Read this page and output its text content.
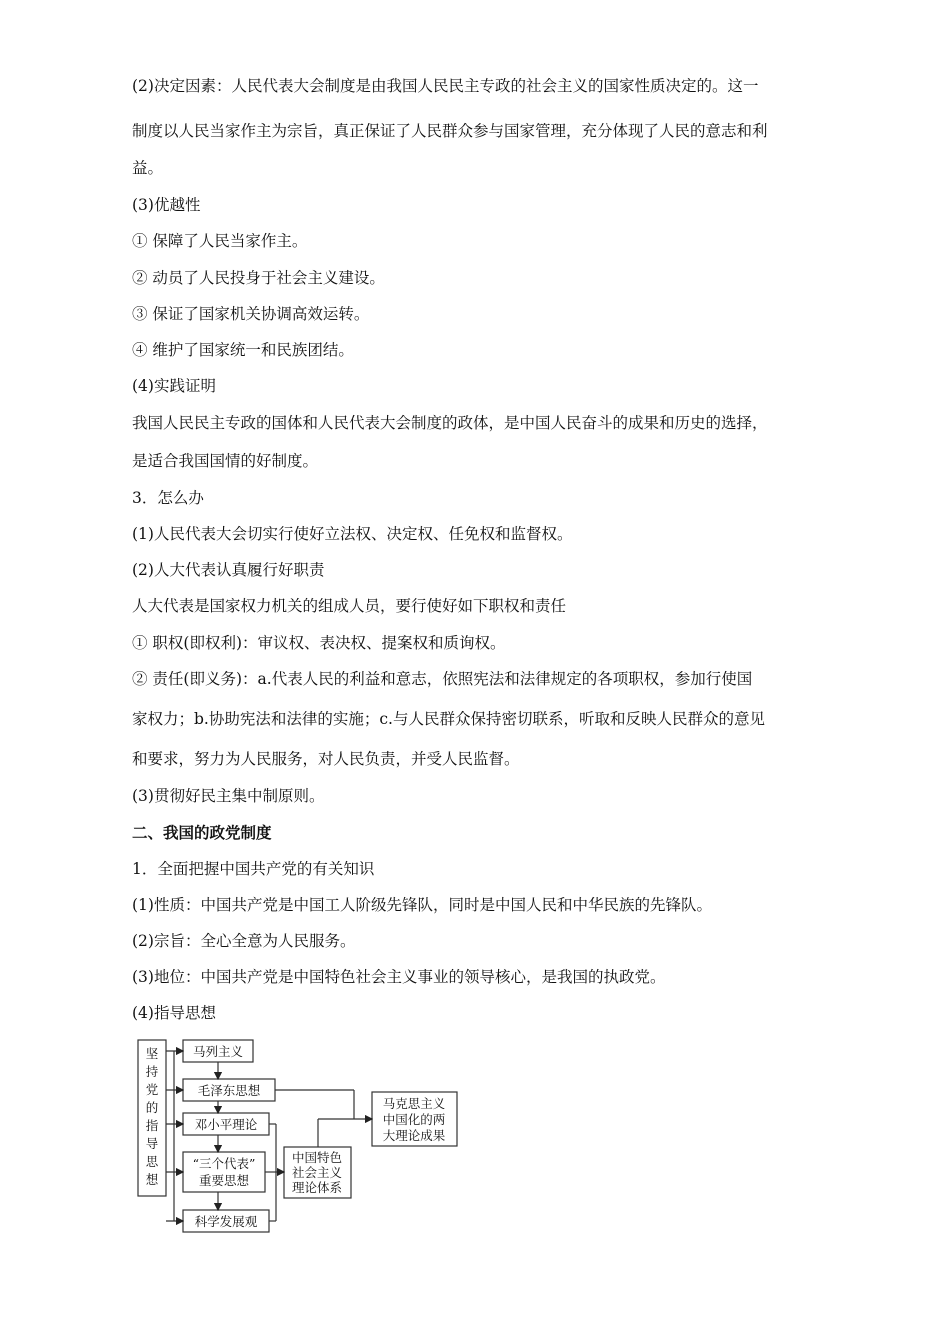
(2)决定因素：人民代表大会制度是由我国人民民主专政的社会主义的国家性质决定的。这一
制度以人民当家作主为宗旨，真正保证了人民群众参与国家管理，充分体现了人民的意志和利
益。
(3)优越性
① 保障了人民当家作主。
② 动员了人民投身于社会主义建设。
③ 保证了国家机关协调高效运转。
④ 维护了国家统一和民族团结。
(4)实践证明
我国人民民主专政的国体和人民代表大会制度的政体，是中国人民奋斗的成果和历史的选择，
是适合我国国情的好制度。
3．怎么办
(1)人民代表大会切实行使好立法权、决定权、任免权和监督权。
(2)人大代表认真履行好职责
人大代表是国家权力机关的组成人员，要行使好如下职权和责任
① 职权(即权利)：审议权、表决权、提案权和质询权。
② 责任(即义务)：a.代表人民的利益和意志，依照宪法和法律规定的各项职权，参加行使国
家权力；b.协助宪法和法律的实施；c.与人民群众保持密切联系，听取和反映人民群众的意见
和要求，努力为人民服务，对人民负责，并受人民监督。
(3)贯彻好民主集中制原则。
二、我国的政党制度
1．全面把握中国共产党的有关知识
(1)性质：中国共产党是中国工人阶级先锋队，同时是中国人民和中华民族的先锋队。
(2)宗旨：全心全意为人民服务。
(3)地位：中国共产党是中国特色社会主义事业的领导核心，是我国的执政党。
(4)指导思想
坚
持
党
的
指
导
思
想
马列主义
毛泽东思想
邓小平理论
“三个代表”
重要思想
科学发展观
中国特色
社会主义
理论体系
马克思主义
中国化的两
大理论成果
